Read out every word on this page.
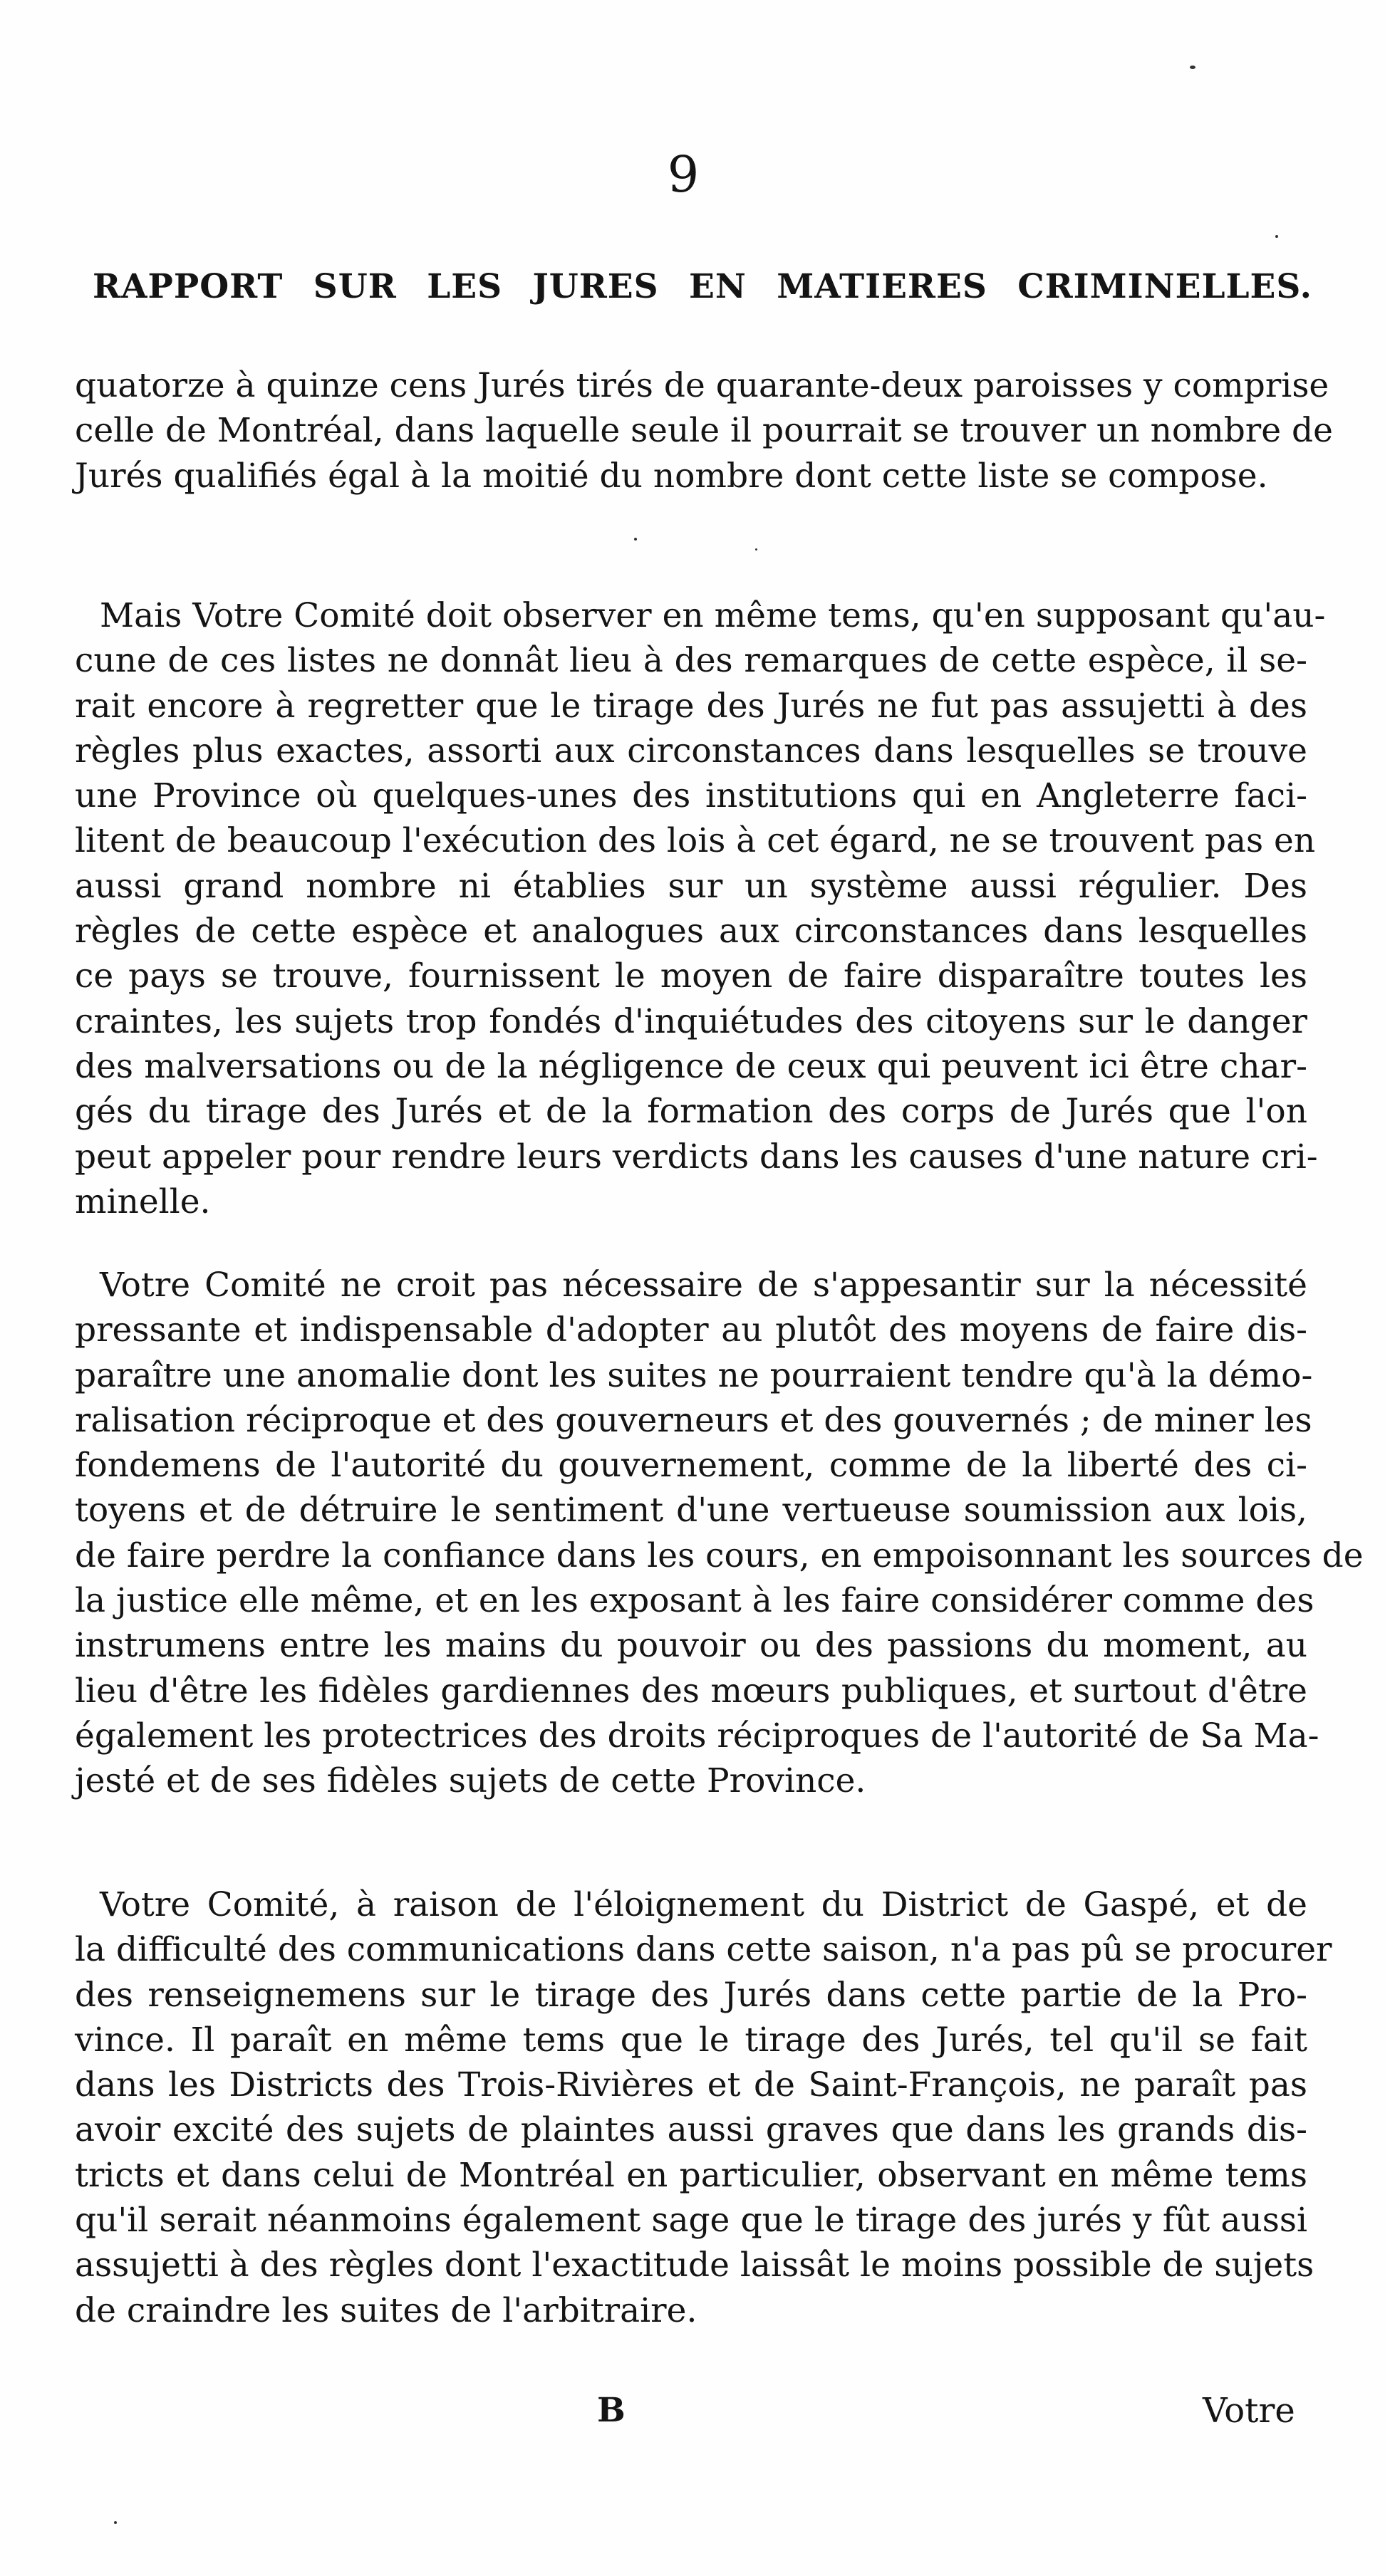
9
RAPPORT SUR LES JURES EN MATIERES CRIMINELLES.

quatorze à quinze cens Jurés tirés de quarante-deux paroisses y comprise
celle de Montréal, dans laquelle seule il pourrait se trouver un nombre de
Jurés qualifiés égal à la moitié du nombre dont cette liste se compose.

Mais Votre Comité doit observer en même tems, qu'en supposant qu'au-
cune de ces listes ne donnât lieu à des remarques de cette espèce, il se-
rait encore à regretter que le tirage des Jurés ne fut pas assujetti à des
règles plus exactes, assorti aux circonstances dans lesquelles se trouve
une Province où quelques-unes des institutions qui en Angleterre faci-
litent de beaucoup l'exécution des lois à cet égard, ne se trouvent pas en
aussi grand nombre ni établies sur un système aussi régulier. Des
règles de cette espèce et analogues aux circonstances dans lesquelles
ce pays se trouve, fournissent le moyen de faire disparaître toutes les
craintes, les sujets trop fondés d'inquiétudes des citoyens sur le danger
des malversations ou de la négligence de ceux qui peuvent ici être char-
gés du tirage des Jurés et de la formation des corps de Jurés que l'on
peut appeler pour rendre leurs verdicts dans les causes d'une nature cri-
minelle.

Votre Comité ne croit pas nécessaire de s'appesantir sur la nécessité
pressante et indispensable d'adopter au plutôt des moyens de faire dis-
paraître une anomalie dont les suites ne pourraient tendre qu'à la démo-
ralisation réciproque et des gouverneurs et des gouvernés ; de miner les
fondemens de l'autorité du gouvernement, comme de la liberté des ci-
toyens et de détruire le sentiment d'une vertueuse soumission aux lois,
de faire perdre la confiance dans les cours, en empoisonnant les sources de
la justice elle même, et en les exposant à les faire considérer comme des
instrumens entre les mains du pouvoir ou des passions du moment, au
lieu d'être les fidèles gardiennes des mœurs publiques, et surtout d'être
également les protectrices des droits réciproques de l'autorité de Sa Ma-
jesté et de ses fidèles sujets de cette Province.

Votre Comité, à raison de l'éloignement du District de Gaspé, et de
la difficulté des communications dans cette saison, n'a pas pû se procurer
des renseignemens sur le tirage des Jurés dans cette partie de la Pro-
vince. Il paraît en même tems que le tirage des Jurés, tel qu'il se fait
dans les Districts des Trois-Rivières et de Saint-François, ne paraît pas
avoir excité des sujets de plaintes aussi graves que dans les grands dis-
tricts et dans celui de Montréal en particulier, observant en même tems
qu'il serait néanmoins également sage que le tirage des jurés y fût aussi
assujetti à des règles dont l'exactitude laissât le moins possible de sujets
de craindre les suites de l'arbitraire.

B	Votre
